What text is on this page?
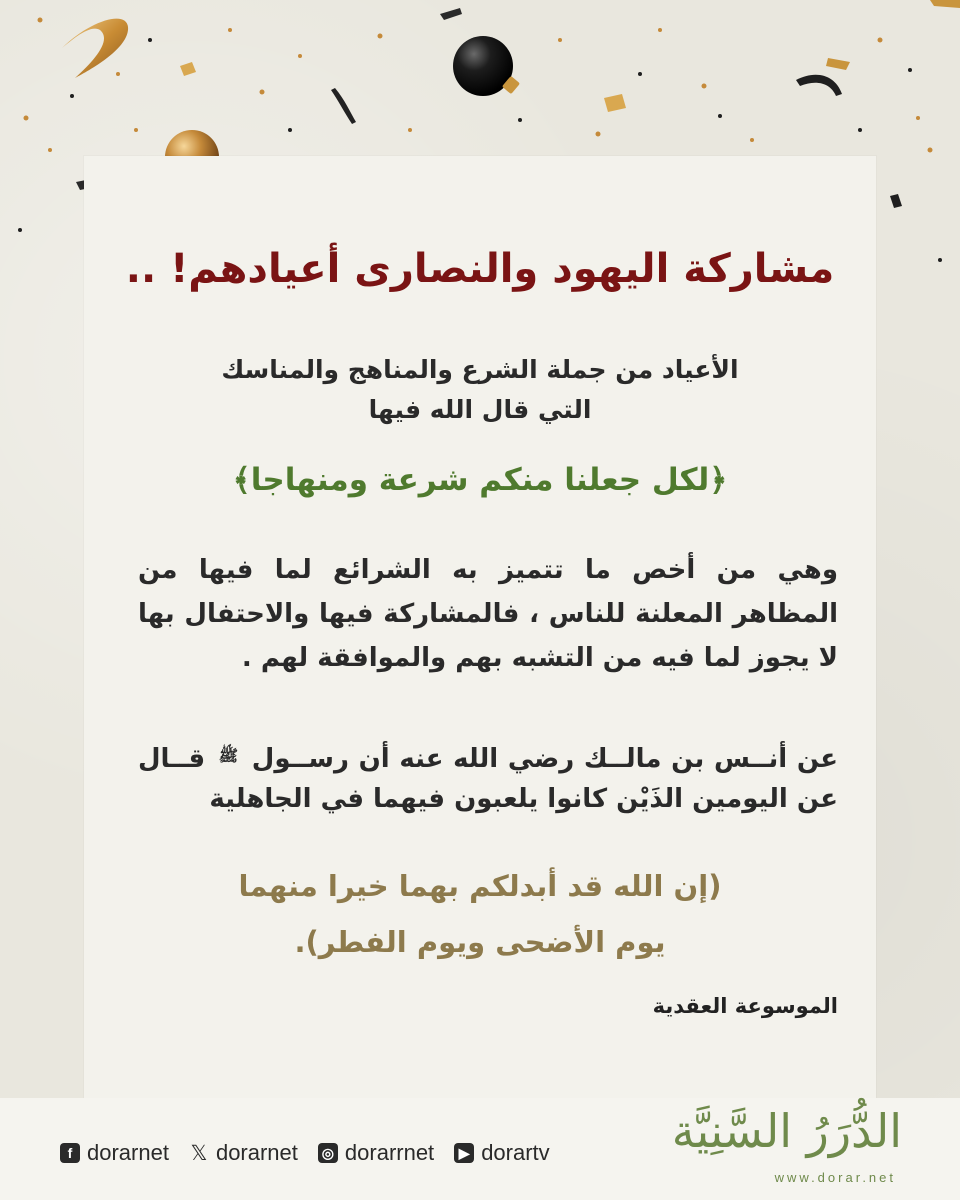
مشاركة اليهود والنصارى أعيادهم! ..
الأعياد من جملة الشرع والمناهج والمناسك
التي قال الله فيها
﴿لكل جعلنا منكم شرعة ومنهاجا﴾
وهي من أخص ما تتميز به الشرائع لما فيها من المظاهر المعلنة للناس ، فالمشاركة فيها والاحتفال بها لا يجوز لما فيه من التشبه بهم والموافقة لهم .
عن أنــس بن مالــك رضي الله عنه أن رســول $^ﷺ$ قــال عن اليومين الذَيْن كانوا يلعبون فيهما في الجاهلية
(إن الله قد أبدلكم بهما خيرا منهما
يوم الأضحى ويوم الفطر).
الموسوعة العقدية
f dorarnet 𝕏 dorarnet ◎ dorarrnet	▶ dorartv	الدُّرَرُ السَّنِيَّة
www.dorar.net
